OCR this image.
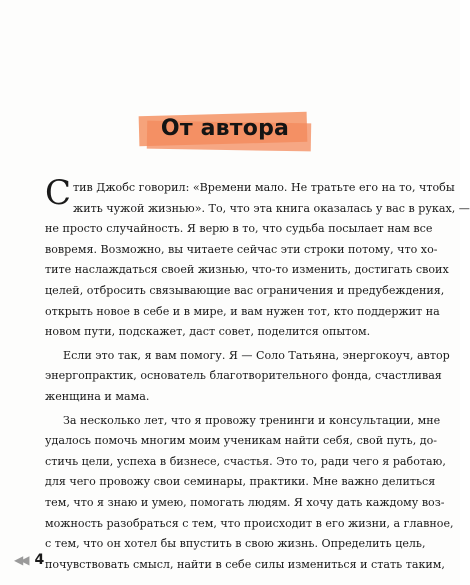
От автора
С тив Джобс говорил: «Времени мало. Не тратьте его на то, чтобы
жить чужой жизнью». То, что эта книга оказалась у вас в руках, —
не просто случайность. Я верю в то, что судьба посылает нам все
вовремя. Возможно, вы читаете сейчас эти строки потому, что хо-
тите наслаждаться своей жизнью, что-то изменить, достигать своих
целей, отбросить связывающие вас ограничения и предубеждения,
открыть новое в себе и в мире, и вам нужен тот, кто поддержит на
новом пути, подскажет, даст совет, поделится опытом.
Если это так, я вам помогу. Я — Соло Татьяна, энергокоуч, автор
энергопрактик, основатель благотворительного фонда, счастливая
женщина и мама.
За несколько лет, что я провожу тренинги и консультации, мне
удалось помочь многим моим ученикам найти себя, свой путь, до-
стичь цели, успеха в бизнесе, счастья. Это то, ради чего я работаю,
для чего провожу свои семинары, практики. Мне важно делиться
тем, что я знаю и умею, помогать людям. Я хочу дать каждому воз-
можность разобраться с тем, что происходит в его жизни, а главное,
с тем, что он хотел бы впустить в свою жизнь. Определить цель,
почувствовать смысл, найти в себе силы измениться и стать таким,
◀◀ 4
